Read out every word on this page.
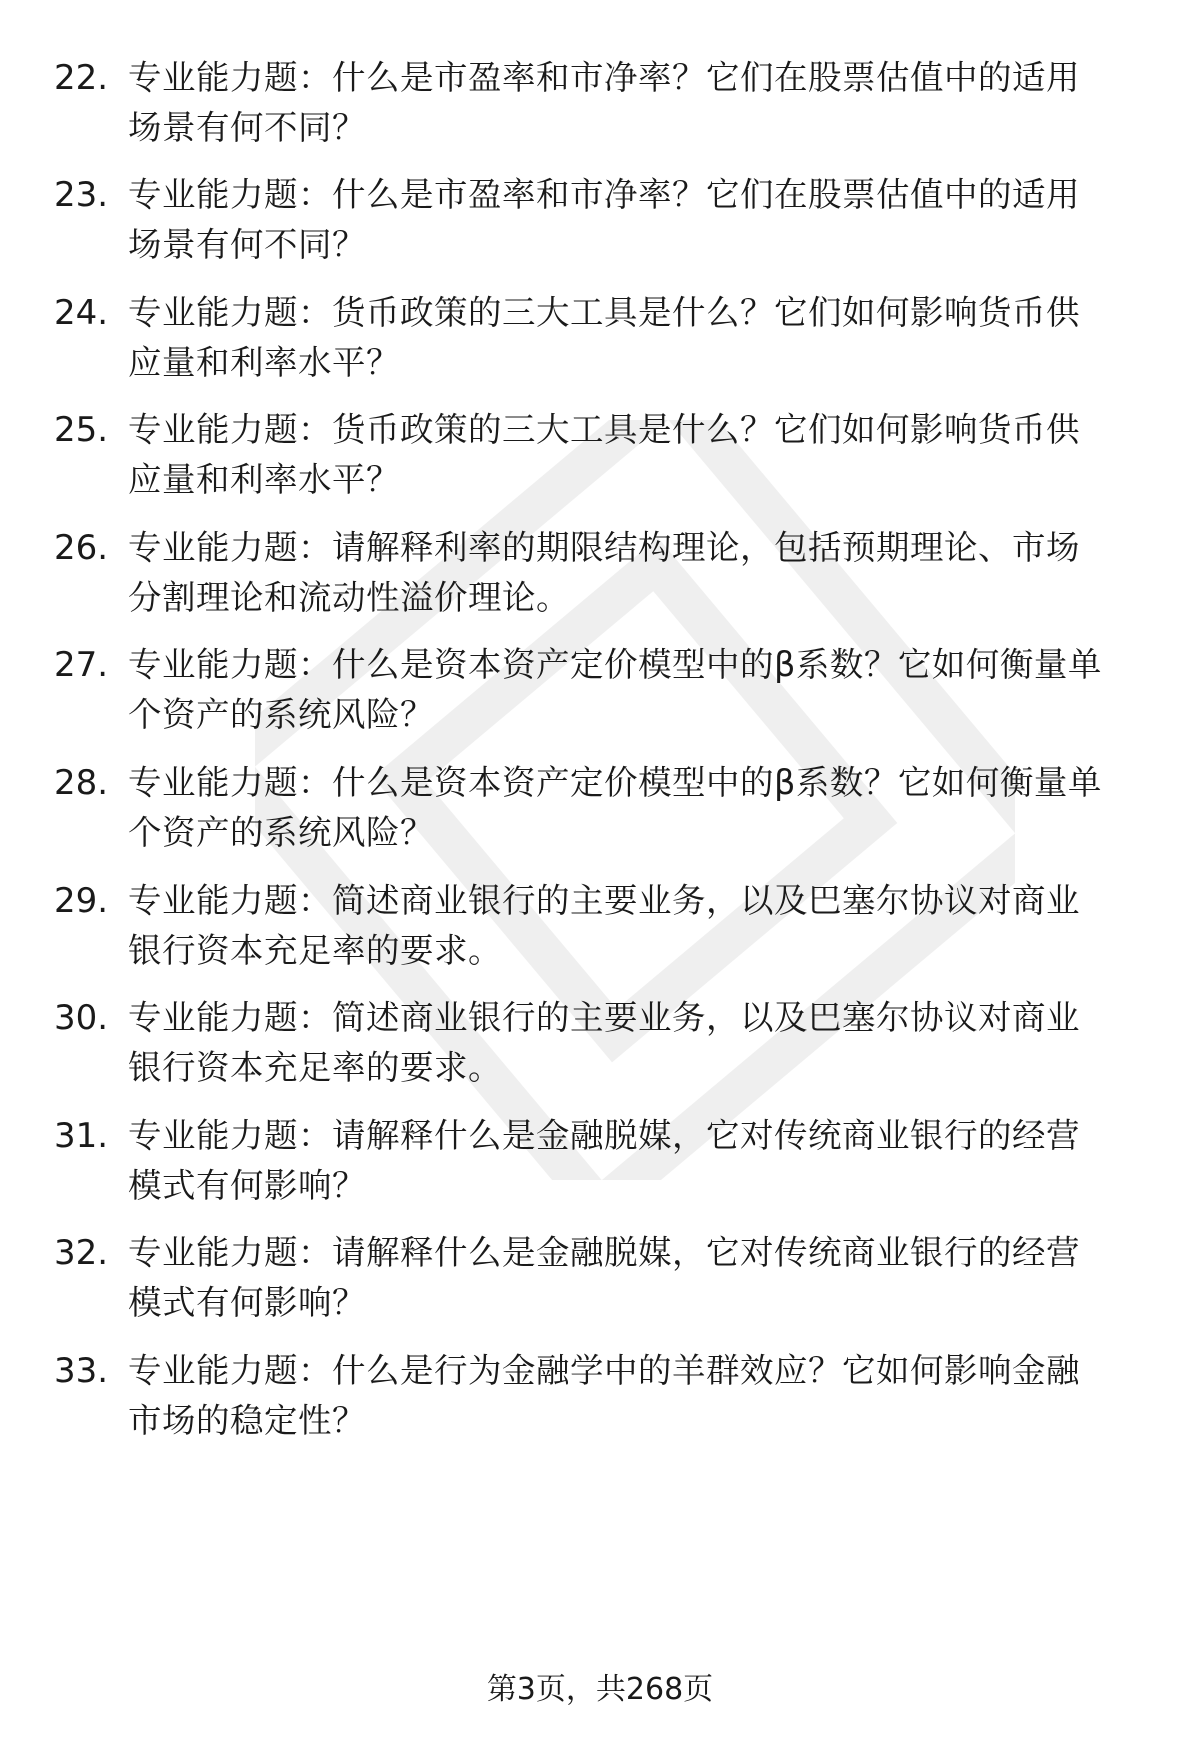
22. 专业能力题：什么是市盈率和市净率？它们在股票估值中的适用
场景有何不同？
23. 专业能力题：什么是市盈率和市净率？它们在股票估值中的适用
场景有何不同？
24. 专业能力题：货币政策的三大工具是什么？它们如何影响货币供
应量和利率水平？
25. 专业能力题：货币政策的三大工具是什么？它们如何影响货币供
应量和利率水平？
26. 专业能力题：请解释利率的期限结构理论，包括预期理论、市场
分割理论和流动性溢价理论。
27. 专业能力题：什么是资本资产定价模型中的β系数？它如何衡量单
个资产的系统风险？
28. 专业能力题：什么是资本资产定价模型中的β系数？它如何衡量单
个资产的系统风险？
29. 专业能力题：简述商业银行的主要业务，以及巴塞尔协议对商业
银行资本充足率的要求。
30. 专业能力题：简述商业银行的主要业务，以及巴塞尔协议对商业
银行资本充足率的要求。
31. 专业能力题：请解释什么是金融脱媒，它对传统商业银行的经营
模式有何影响？
32. 专业能力题：请解释什么是金融脱媒，它对传统商业银行的经营
模式有何影响？
33. 专业能力题：什么是行为金融学中的羊群效应？它如何影响金融
市场的稳定性？
第3页，共268页
